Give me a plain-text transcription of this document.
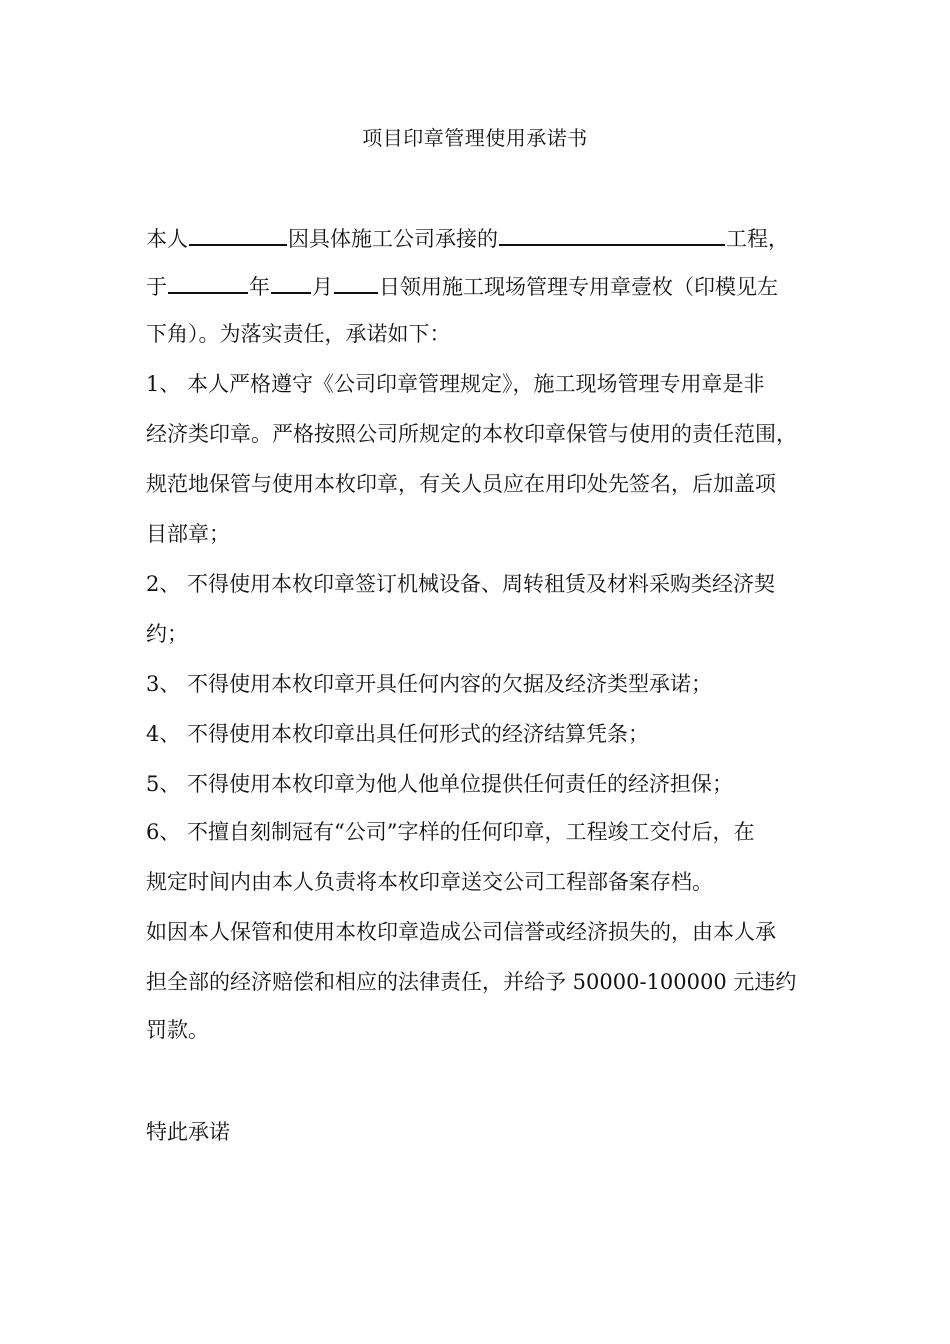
项目印章管理使用承诺书
本人	因具体施工公司承接的	工程，
于	年 月 日领用施工现场管理专用章壹枚（印模见左
下角）。为落实责任，承诺如下：
1、 本人严格遵守《公司印章管理规定》，施工现场管理专用章是非
经济类印章。严格按照公司所规定的本枚印章保管与使用的责任范围，
规范地保管与使用本枚印章，有关人员应在用印处先签名，后加盖项
目部章；
2、 不得使用本枚印章签订机械设备、周转租赁及材料采购类经济契
约；
3、 不得使用本枚印章开具任何内容的欠据及经济类型承诺；
4、 不得使用本枚印章出具任何形式的经济结算凭条；
5、 不得使用本枚印章为他人他单位提供任何责任的经济担保；
6、 不擅自刻制冠有“公司”字样的任何印章，工程竣工交付后，在
规定时间内由本人负责将本枚印章送交公司工程部备案存档。
如因本人保管和使用本枚印章造成公司信誉或经济损失的，由本人承
担全部的经济赔偿和相应的法律责任，并给予 50000-100000 元违约
罚款。
特此承诺
